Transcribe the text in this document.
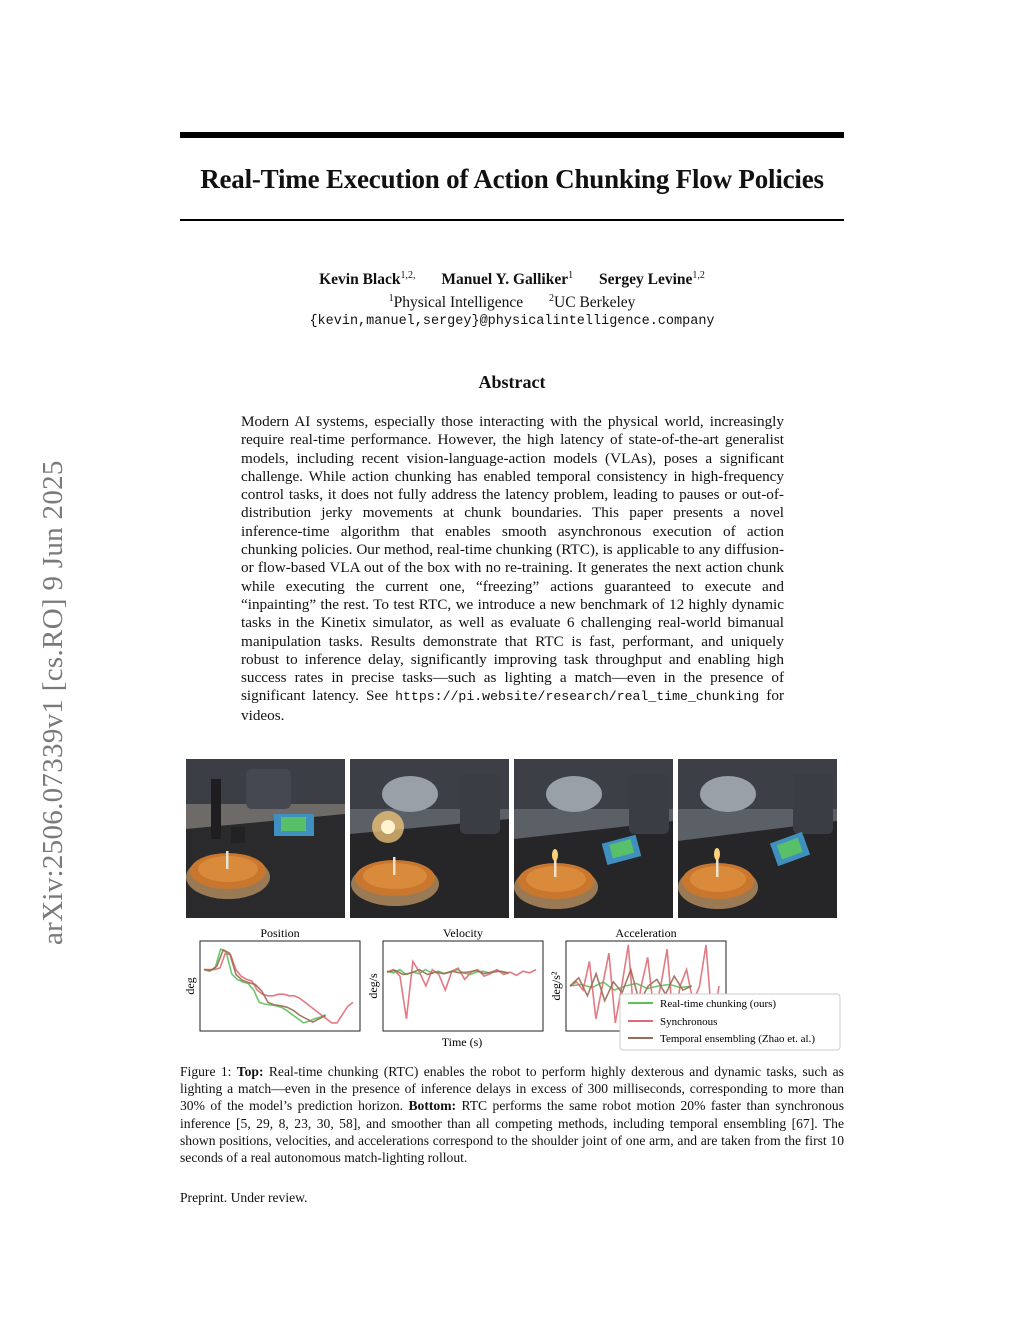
Real-Time Execution of Action Chunking Flow Policies
Kevin Black$^{1,2,}$ Manuel Y. Galliker$^1$ Sergey Levine$^{1,2}$
$^1$Physical Intelligence	$^2$UC Berkeley
{kevin,manuel,sergey}@physicalintelligence.company
arXiv:2506.07339v1 [cs.RO] 9 Jun 2025
Abstract
Modern AI systems, especially those interacting with the physical world, increasingly require real-time performance. However, the high latency of state-of-the-art generalist models, including recent vision-language-action models (VLAs), poses a significant challenge. While action chunking has enabled temporal consistency in high-frequency control tasks, it does not fully address the latency problem, leading to pauses or out-of-distribution jerky movements at chunk boundaries. This paper presents a novel inference-time algorithm that enables smooth asynchronous execution of action chunking policies. Our method, real-time chunking (RTC), is applicable to any diffusion- or flow-based VLA out of the box with no re-training. It generates the next action chunk while executing the current one, “freezing” actions guaranteed to execute and “inpainting” the rest. To test RTC, we introduce a new benchmark of 12 highly dynamic tasks in the Kinetix simulator, as well as evaluate 6 challenging real-world bimanual manipulation tasks. Results demonstrate that RTC is fast, performant, and uniquely robust to inference delay, significantly improving task throughput and enabling high success rates in precise tasks—such as lighting a match—even in the presence of significant latency. See https://pi.website/research/real_time_chunking for videos.
Position
deg
Velocity
deg/s
Acceleration
deg/s²
Time (s)
Real-time chunking (ours)
Synchronous
Temporal ensembling (Zhao et. al.)
Figure 1: Top: Real-time chunking (RTC) enables the robot to perform highly dexterous and dynamic tasks, such as lighting a match—even in the presence of inference delays in excess of 300 milliseconds, corresponding to more than 30% of the model’s prediction horizon. Bottom: RTC performs the same robot motion 20% faster than synchronous inference [5, 29, 8, 23, 30, 58], and smoother than all competing methods, including temporal ensembling [67]. The shown positions, velocities, and accelerations correspond to the shoulder joint of one arm, and are taken from the first 10 seconds of a real autonomous match-lighting rollout.
Preprint. Under review.
